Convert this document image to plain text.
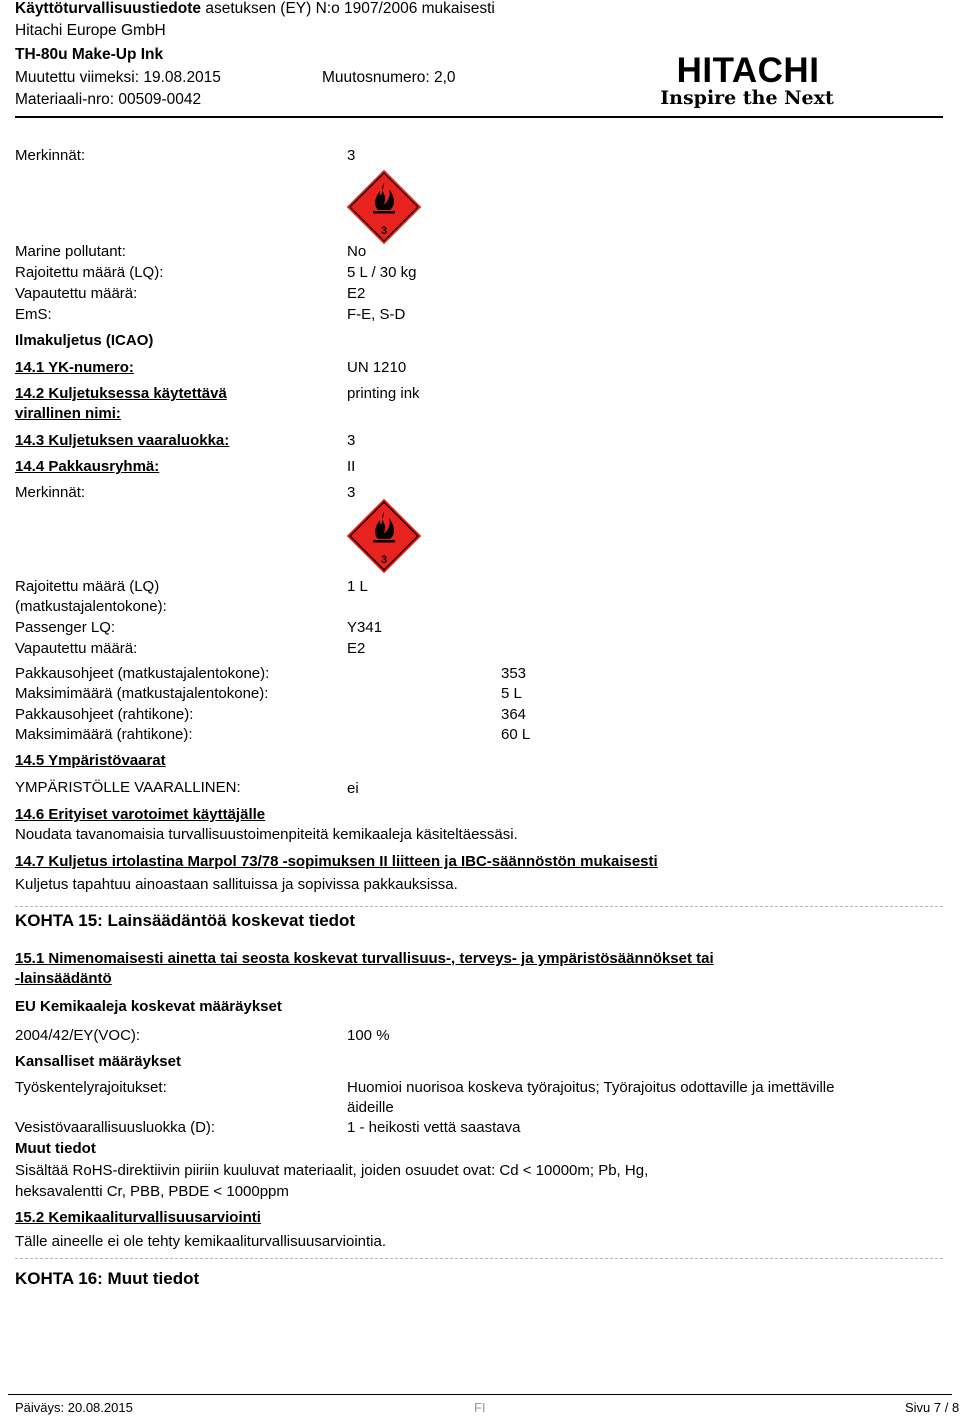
Käyttöturvallisuustiedote asetuksen (EY) N:o 1907/2006 mukaisesti
Hitachi Europe GmbH
TH-80u Make-Up Ink
Muutettu viimeksi: 19.08.2015	Muutosnumero: 2,0
Materiaali-nro: 00509-0042
HITACHI
Inspire the Next
Merkinnät:	3
3
Marine pollutant:	No
Rajoitettu määrä (LQ):	5 L / 30 kg
Vapautettu määrä:	E2
EmS:	F-E, S-D
Ilmakuljetus (ICAO)
14.1 YK-numero:	UN 1210
14.2 Kuljetuksessa käytettävä	printing ink
virallinen nimi:
14.3 Kuljetuksen vaaraluokka:	3
14.4 Pakkausryhmä:	II
Merkinnät:	3
3
Rajoitettu määrä (LQ)	1 L
(matkustajalentokone):
Passenger LQ:	Y341
Vapautettu määrä:	E2
Pakkausohjeet (matkustajalentokone):	353
Maksimimäärä (matkustajalentokone):	5 L
Pakkausohjeet (rahtikone):	364
Maksimimäärä (rahtikone):	60 L
14.5 Ympäristövaarat
YMPÄRISTÖLLE VAARALLINEN:	ei
14.6 Erityiset varotoimet käyttäjälle
Noudata tavanomaisia turvallisuustoimenpiteitä kemikaaleja käsiteltäessäsi.
14.7 Kuljetus irtolastina Marpol 73/78 -sopimuksen II liitteen ja IBC-säännöstön mukaisesti
Kuljetus tapahtuu ainoastaan sallituissa ja sopivissa pakkauksissa.
KOHTA 15: Lainsäädäntöä koskevat tiedot
15.1 Nimenomaisesti ainetta tai seosta koskevat turvallisuus-, terveys- ja ympäristösäännökset tai
-lainsäädäntö
EU Kemikaaleja koskevat määräykset
2004/42/EY(VOC):	100 %
Kansalliset määräykset
Työskentelyrajoitukset:	Huomioi nuorisoa koskeva työrajoitus; Työrajoitus odottaville ja imettäville
äideille
Vesistövaarallisuusluokka (D):	1 - heikosti vettä saastava
Muut tiedot
Sisältää RoHS-direktiivin piiriin kuuluvat materiaalit, joiden osuudet ovat: Cd < 10000m; Pb, Hg,
heksavalentti Cr, PBB, PBDE < 1000ppm
15.2 Kemikaaliturvallisuusarviointi
Tälle aineelle ei ole tehty kemikaaliturvallisuusarviointia.
KOHTA 16: Muut tiedot
Päiväys: 20.08.2015	FI	Sivu 7 / 8
